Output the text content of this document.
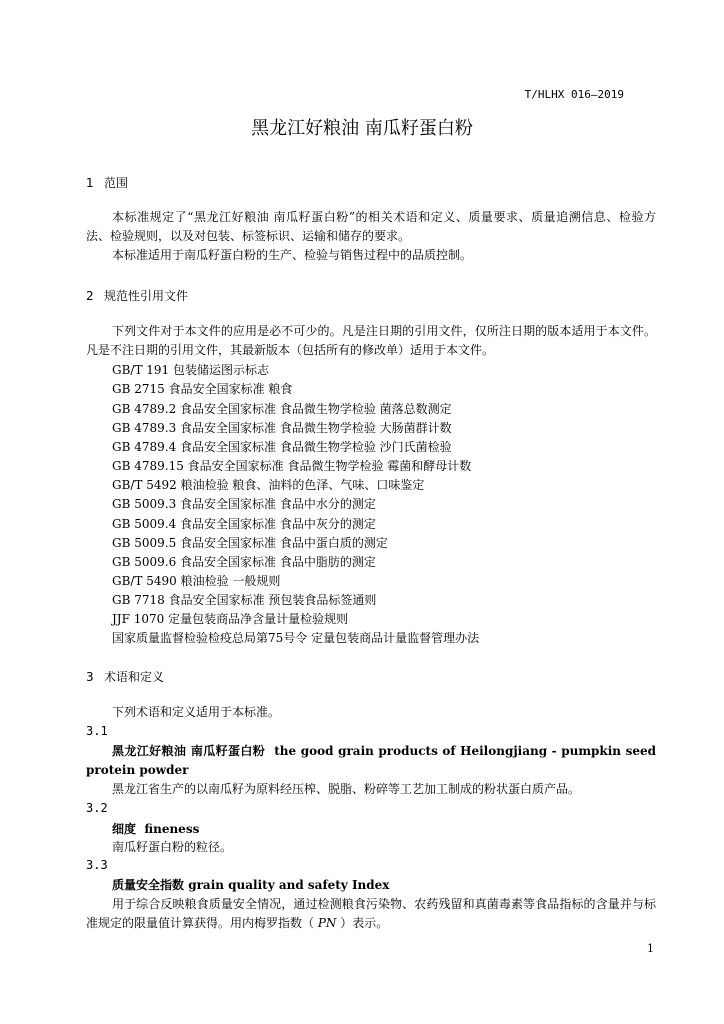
T/HLHX 016—2019
黑龙江好粮油 南瓜籽蛋白粉
1 范围
本标准规定了“黑龙江好粮油 南瓜籽蛋白粉”的相关术语和定义、质量要求、质量追溯信息、检验方法、检验规则，以及对包装、标签标识、运输和储存的要求。
本标准适用于南瓜籽蛋白粉的生产、检验与销售过程中的品质控制。
2 规范性引用文件
下列文件对于本文件的应用是必不可少的。凡是注日期的引用文件，仅所注日期的版本适用于本文件。凡是不注日期的引用文件，其最新版本（包括所有的修改单）适用于本文件。
GB/T 191 包装储运图示标志
GB 2715 食品安全国家标准 粮食
GB 4789.2 食品安全国家标准 食品微生物学检验 菌落总数测定
GB 4789.3 食品安全国家标准 食品微生物学检验 大肠菌群计数
GB 4789.4 食品安全国家标准 食品微生物学检验 沙门氏菌检验
GB 4789.15 食品安全国家标准 食品微生物学检验 霉菌和酵母计数
GB/T 5492 粮油检验 粮食、油料的色泽、气味、口味鉴定
GB 5009.3 食品安全国家标准 食品中水分的测定
GB 5009.4 食品安全国家标准 食品中灰分的测定
GB 5009.5 食品安全国家标准 食品中蛋白质的测定
GB 5009.6 食品安全国家标准 食品中脂肪的测定
GB/T 5490 粮油检验 一般规则
GB 7718 食品安全国家标准 预包装食品标签通则
JJF 1070 定量包装商品净含量计量检验规则
国家质量监督检验检疫总局第75号令 定量包装商品计量监督管理办法
3 术语和定义
下列术语和定义适用于本标准。
3.1
黑龙江好粮油 南瓜籽蛋白粉 the good grain products of Heilongjiang - pumpkin seed protein powder
黑龙江省生产的以南瓜籽为原料经压榨、脱脂、粉碎等工艺加工制成的粉状蛋白质产品。
3.2
细度 fineness
南瓜籽蛋白粉的粒径。
3.3
质量安全指数 grain quality and safety Index
用于综合反映粮食质量安全情况，通过检测粮食污染物、农药残留和真菌毒素等食品指标的含量并与标准规定的限量值计算获得。用内梅罗指数（ PN ）表示。
1
